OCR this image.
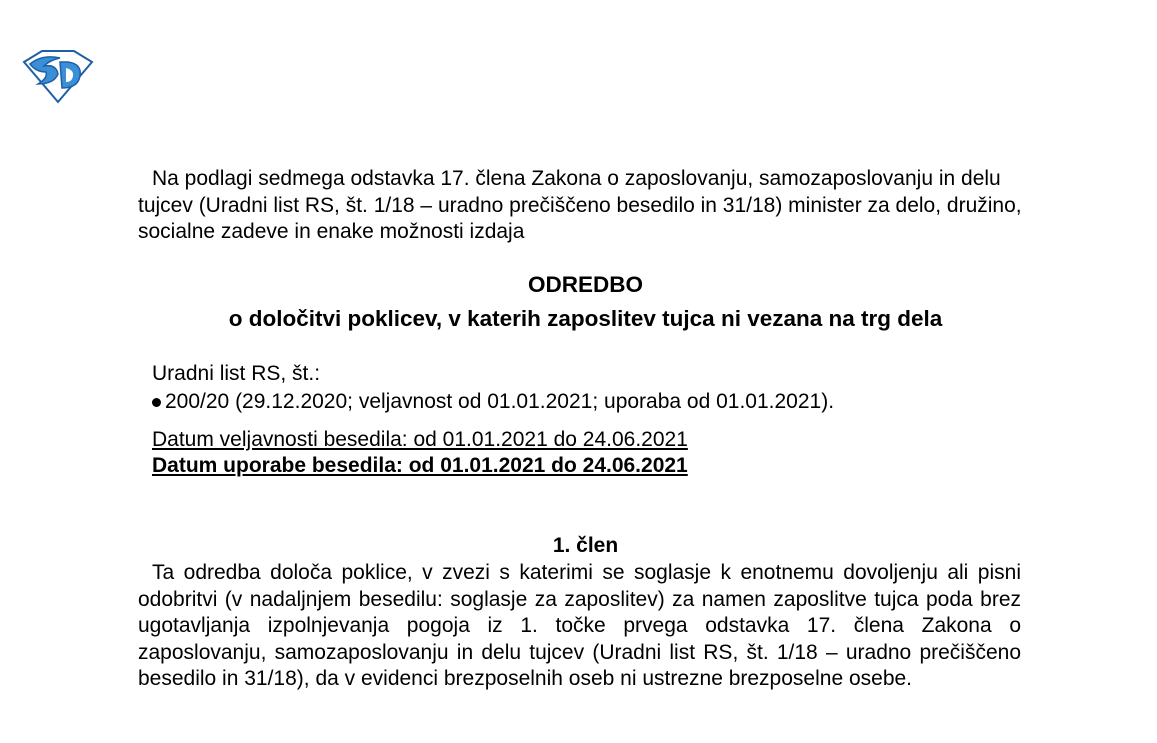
Na podlagi sedmega odstavka 17. člena Zakona o zaposlovanju, samozaposlovanju in delu tujcev (Uradni list RS, št. 1/18 – uradno prečiščeno besedilo in 31/18) minister za delo, družino, socialne zadeve in enake možnosti izdaja

ODREDBO
o določitvi poklicev, v katerih zaposlitev tujca ni vezana na trg dela

Uradni list RS, št.:

200/20 (29.12.2020; veljavnost od 01.01.2021; uporaba od 01.01.2021).

Datum veljavnosti besedila: od 01.01.2021 do 24.06.2021

Datum uporabe besedila: od 01.01.2021 do 24.06.2021

1. člen

Ta odredba določa poklice, v zvezi s katerimi se soglasje k enotnemu dovoljenju ali pisni odobritvi (v nadaljnjem besedilu: soglasje za zaposlitev) za namen zaposlitve tujca poda brez ugotavljanja izpolnjevanja pogoja iz 1. točke prvega odstavka 17. člena Zakona o zaposlovanju, samozaposlovanju in delu tujcev (Uradni list RS, št. 1/18 – uradno prečiščeno besedilo in 31/18), da v evidenci brezposelnih oseb ni ustrezne brezposelne osebe.
